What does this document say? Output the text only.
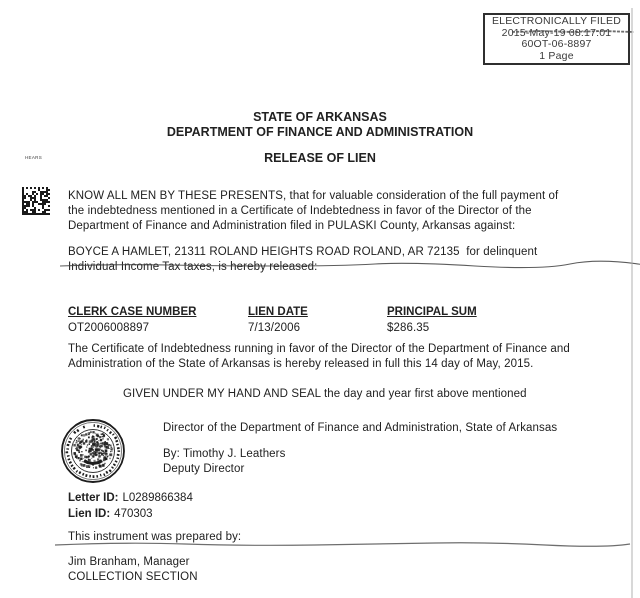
ELECTRONICALLY FILED
2015-May-19 08:17:01
60OT-06-8897
1 Page
STATE OF ARKANSAS
DEPARTMENT OF FINANCE AND ADMINISTRATION
RELEASE OF LIEN
HEARS
KNOW ALL MEN BY THESE PRESENTS, that for valuable consideration of the full payment of
the indebtedness mentioned in a Certificate of Indebtedness in favor of the Director of the
Department of Finance and Administration filed in PULASKI County, Arkansas against:
BOYCE A HAMLET, 21311 ROLAND HEIGHTS ROAD ROLAND, AR 72135  for delinquent
Individual Income Tax taxes, is hereby released:
CLERK CASE NUMBER	LIEN DATE	PRINCIPAL SUM
OT2006008897	7/13/2006	$286.35
The Certificate of Indebtedness running in favor of the Director of the Department of Finance and
Administration of the State of Arkansas is hereby released in full this 14 day of May, 2015.
GIVEN UNDER MY HAND AND SEAL the day and year first above mentioned
Director of the Department of Finance and Administration, State of Arkansas
By: Timothy J. Leathers
Deputy Director
Letter ID: L0289866384
Lien ID: 470303
This instrument was prepared by:
Jim Branham, Manager
COLLECTION SECTION
